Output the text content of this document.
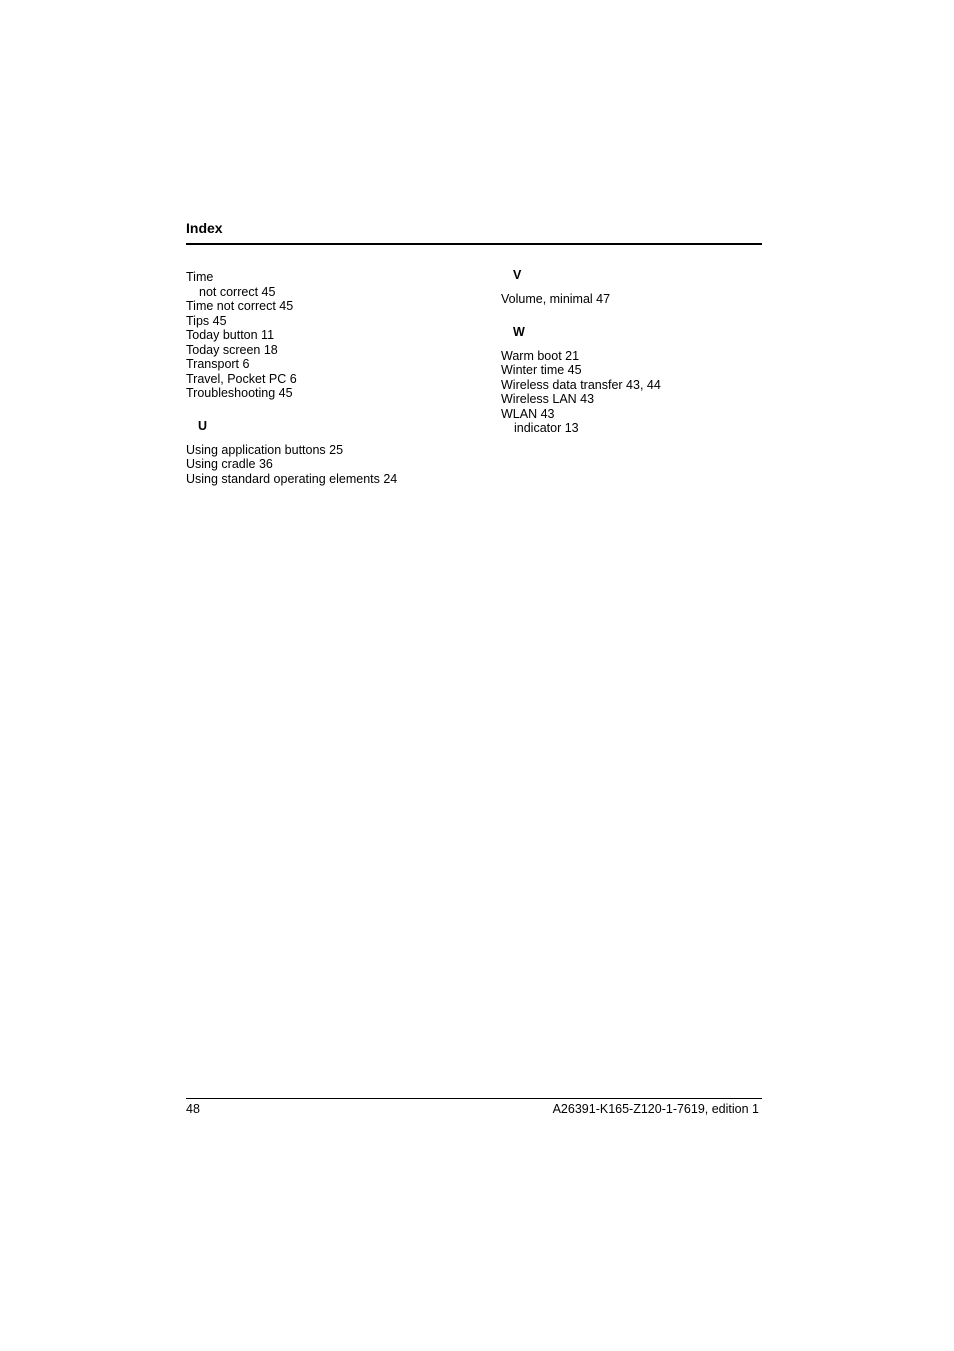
Index
Time
not correct 45
Time not correct 45
Tips 45
Today button 11
Today screen 18
Transport 6
Travel, Pocket PC 6
Troubleshooting 45
U
Using application buttons 25
Using cradle 36
Using standard operating elements 24
V
Volume, minimal 47
W
Warm boot 21
Winter time 45
Wireless data transfer 43, 44
Wireless LAN 43
WLAN 43
indicator 13
48	A26391-K165-Z120-1-7619, edition 1
